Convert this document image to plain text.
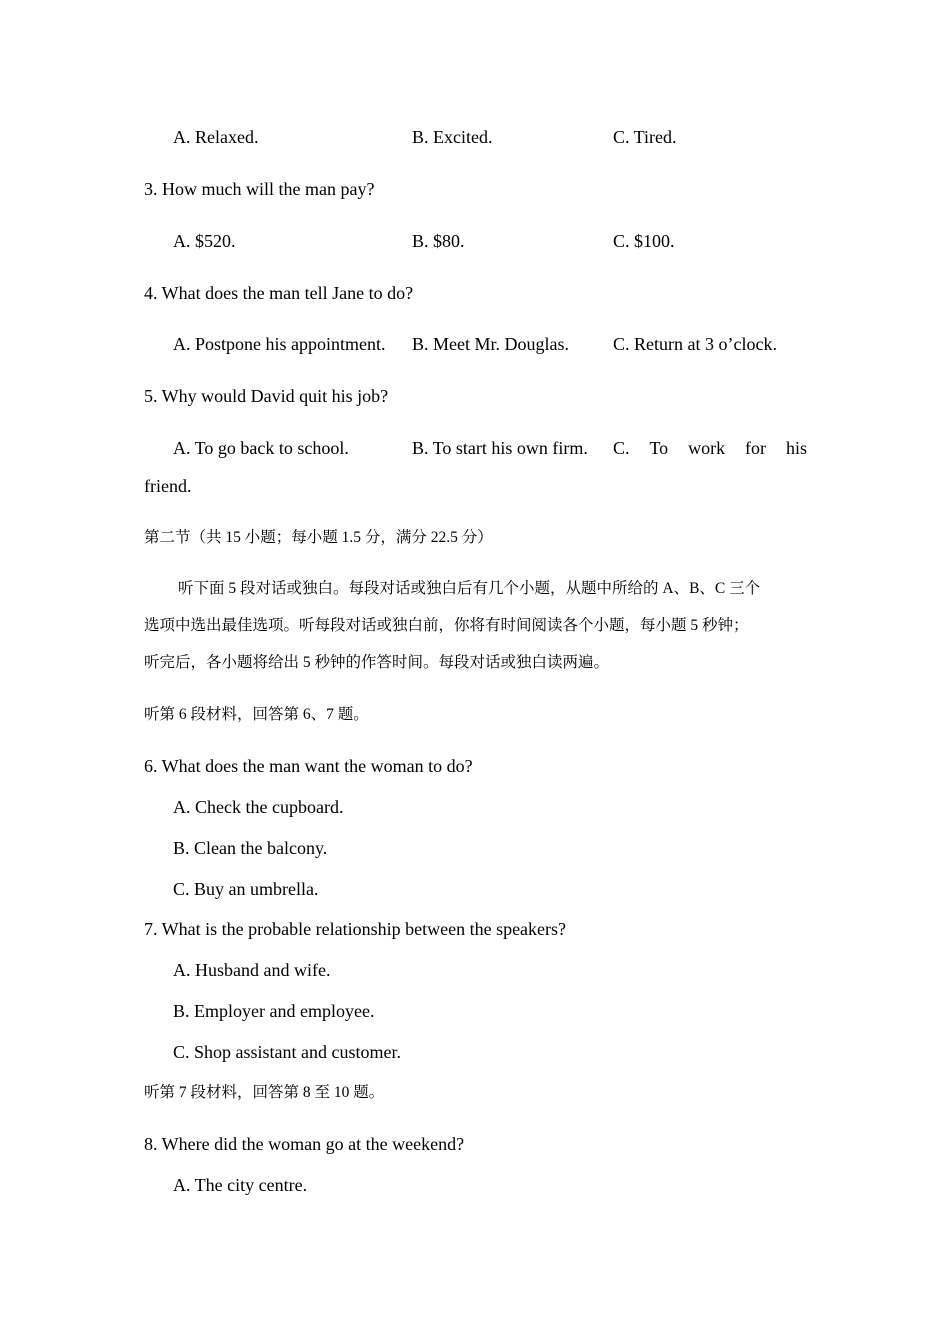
A. Relaxed.	B. Excited.	C. Tired.
3. How much will the man pay?
A. $520.	B. $80.	C. $100.
4. What does the man tell Jane to do?
A. Postpone his appointment. B. Meet Mr. Douglas. C. Return at 3 o’clock.
5. Why would David quit his job?
A. To go back to school.	B. To start his own firm. C. To work for his
friend.
第二节（共 15 小题；每小题 1.5 分，满分 22.5 分）
听下面 5 段对话或独白。每段对话或独白后有几个小题，从题中所给的 A、B、C 三个
选项中选出最佳选项。听每段对话或独白前，你将有时间阅读各个小题，每小题 5 秒钟；
听完后，各小题将给出 5 秒钟的作答时间。每段对话或独白读两遍。
听第 6 段材料，回答第 6、7 题。
6. What does the man want the woman to do?
A. Check the cupboard.
B. Clean the balcony.
C. Buy an umbrella.
7. What is the probable relationship between the speakers?
A. Husband and wife.
B. Employer and employee.
C. Shop assistant and customer.
听第 7 段材料，回答第 8 至 10 题。
8. Where did the woman go at the weekend?
A. The city centre.
